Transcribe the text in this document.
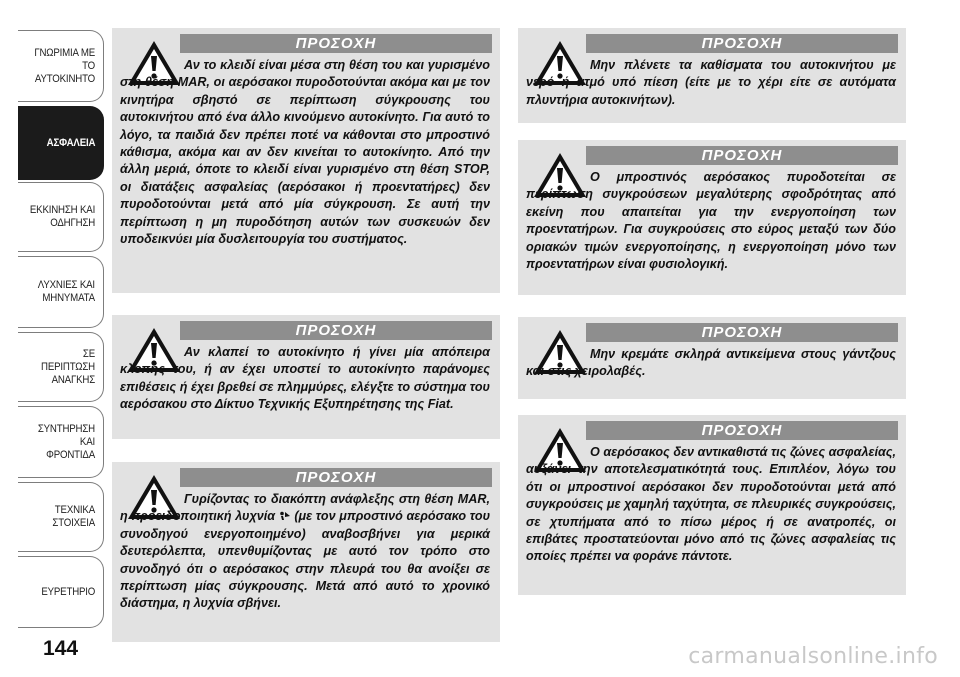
ΓΝΩΡΙΜΙΑ ΜΕ ΤΟ
ΑΥΤΟΚΙΝΗΤΟ
ΑΣΦΑΛΕΙΑ
ΕΚΚΙΝΗΣΗ ΚΑΙ
ΟΔΗΓΗΣΗ
ΛΥΧΝΙΕΣ ΚΑΙ
ΜΗΝΥΜΑΤΑ
ΣΕ ΠΕΡΙΠΤΩΣΗ
ΑΝΑΓΚΗΣ
ΣΥΝΤΗΡΗΣΗ ΚΑΙ
ΦΡΟΝΤΙΔΑ
ΤΕΧΝΙΚΑ ΣΤΟΙΧΕΙΑ
ΕΥΡΕΤΗΡΙΟ
144
ΠΡΟΣΟΧΗ

Αν το κλειδί είναι μέσα στη θέση του και γυρισμένο στη θέση MAR, οι αερόσακοι πυροδοτούνται ακόμα και με τον κινητήρα σβηστό σε περίπτωση σύγκρουσης του αυτοκινήτου από ένα άλλο κινούμενο αυτοκίνητο. Για αυτό το λόγο, τα παιδιά δεν πρέπει ποτέ να κάθονται στο μπροστινό κάθισμα, ακόμα και αν δεν κινείται το αυτοκίνητο. Από την άλλη μεριά, όποτε το κλειδί είναι γυρισμένο στη θέση STOP, οι διατάξεις ασφαλείας (αερόσακοι ή προεντατήρες) δεν πυροδοτούνται μετά από μία σύγκρουση. Σε αυτή την περίπτωση η μη πυροδότηση αυτών των συσκευών δεν υποδεικνύει μία δυσλειτουργία του συστήματος.

ΠΡΟΣΟΧΗ

Αν κλαπεί το αυτοκίνητο ή γίνει μία απόπειρα κλοπής του, ή αν έχει υποστεί το αυτοκίνητο παράνομες επιθέσεις ή έχει βρεθεί σε πλημμύρες, ελέγξτε το σύστημα του αερόσακου στο Δίκτυο Τεχνικής Εξυπηρέτησης της Fiat.

ΠΡΟΣΟΧΗ

Γυρίζοντας το διακόπτη ανάφλεξης στη θέση MAR, η προειδοποιητική λυχνία (με τον μπροστινό αερόσακο του συνοδηγού ενεργοποιημένο) αναβοσβήνει για μερικά δευτερόλεπτα, υπενθυμίζοντας με αυτό τον τρόπο στο συνοδηγό ότι ο αερόσακος στην πλευρά του θα ανοίξει σε περίπτωση μίας σύγκρουσης. Μετά από αυτό το χρονικό διάστημα, η λυχνία σβήνει.

ΠΡΟΣΟΧΗ

Μην πλένετε τα καθίσματα του αυτοκινήτου με νερό ή ατμό υπό πίεση (είτε με το χέρι είτε σε αυτόματα πλυντήρια αυτοκινήτων).

ΠΡΟΣΟΧΗ

Ο μπροστινός αερόσακος πυροδοτείται σε περίπτωση συγκρούσεων μεγαλύτερης σφοδρότητας από εκείνη που απαιτείται για την ενεργοποίηση των προεντατήρων. Για συγκρούσεις στο εύρος μεταξύ των δύο οριακών τιμών ενεργοποίησης, η ενεργοποίηση μόνο των προεντατήρων είναι φυσιολογική.

ΠΡΟΣΟΧΗ

Μην κρεμάτε σκληρά αντικείμενα στους γάντζους και στις χειρολαβές.

ΠΡΟΣΟΧΗ

Ο αερόσακος δεν αντικαθιστά τις ζώνες ασφαλείας, αυξάνει την αποτελεσματικότητά τους. Επιπλέον, λόγω του ότι οι μπροστινοί αερόσακοι δεν πυροδοτούνται μετά από συγκρούσεις με χαμηλή ταχύτητα, σε πλευρικές συγκρούσεις, σε χτυπήματα από το πίσω μέρος ή σε ανατροπές, οι επιβάτες προστατεύονται μόνο από τις ζώνες ασφαλείας τις οποίες πρέπει να φοράνε πάντοτε.

carmanualsonline.info
